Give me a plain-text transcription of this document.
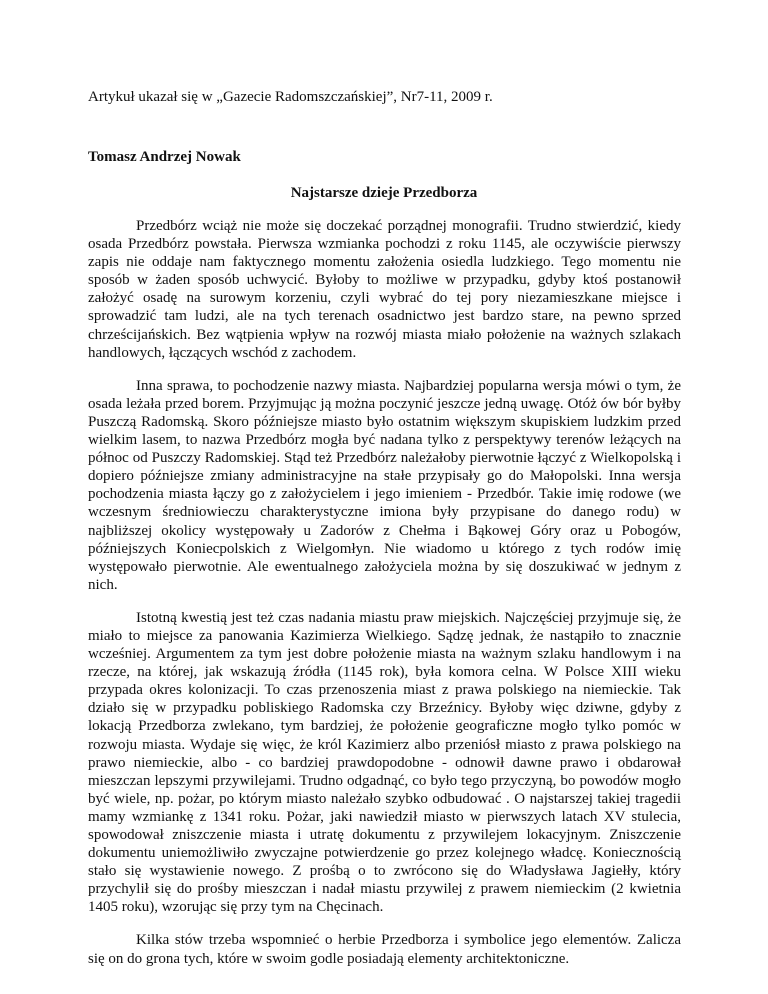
Artykuł ukazał się w „Gazecie Radomszczańskiej”, Nr7-11, 2009 r.
Tomasz Andrzej Nowak
Najstarsze dzieje Przedborza

Przedbórz wciąż nie może się doczekać porządnej monografii. Trudno stwierdzić, kiedy osada Przedbórz powstała. Pierwsza wzmianka pochodzi z roku 1145, ale oczywiście pierwszy zapis nie oddaje nam faktycznego momentu założenia osiedla ludzkiego. Tego momentu nie sposób w żaden sposób uchwycić. Byłoby to możliwe w przypadku, gdyby ktoś postanowił założyć osadę na surowym korzeniu, czyli wybrać do tej pory niezamieszkane miejsce i sprowadzić tam ludzi, ale na tych terenach osadnictwo jest bardzo stare, na pewno sprzed chrześcijańskich. Bez wątpienia wpływ na rozwój miasta miało położenie na ważnych szlakach handlowych, łączących wschód z zachodem.

Inna sprawa, to pochodzenie nazwy miasta. Najbardziej popularna wersja mówi o tym, że osada leżała przed borem. Przyjmując ją można poczynić jeszcze jedną uwagę. Otóż ów bór byłby Puszczą Radomską. Skoro późniejsze miasto było ostatnim większym skupiskiem ludzkim przed wielkim lasem, to nazwa Przedbórz mogła być nadana tylko z perspektywy terenów leżących na północ od Puszczy Radomskiej. Stąd też Przedbórz należałoby pierwotnie łączyć z Wielkopolską i dopiero późniejsze zmiany administracyjne na stałe przypisały go do Małopolski. Inna wersja pochodzenia miasta łączy go z założycielem i jego imieniem - Przedbór. Takie imię rodowe (we wczesnym średniowieczu charakterystyczne imiona były przypisane do danego rodu) w najbliższej okolicy występowały u Zadorów z Chełma i Bąkowej Góry oraz u Pobogów, późniejszych Koniecpolskich z Wielgomłyn. Nie wiadomo u którego z tych rodów imię występowało pierwotnie. Ale ewentualnego założyciela można by się doszukiwać w jednym z nich.

Istotną kwestią jest też czas nadania miastu praw miejskich. Najczęściej przyjmuje się, że miało to miejsce za panowania Kazimierza Wielkiego. Sądzę jednak, że nastąpiło to znacznie wcześniej. Argumentem za tym jest dobre położenie miasta na ważnym szlaku handlowym i na rzecze, na której, jak wskazują źródła (1145 rok), była komora celna. W Polsce XIII wieku przypada okres kolonizacji. To czas przenoszenia miast z prawa polskiego na niemieckie. Tak działo się w przypadku pobliskiego Radomska czy Brzeźnicy. Byłoby więc dziwne, gdyby z lokacją Przedborza zwlekano, tym bardziej, że położenie geograficzne mogło tylko pomóc w rozwoju miasta. Wydaje się więc, że król Kazimierz albo przeniósł miasto z prawa polskiego na prawo niemieckie, albo - co bardziej prawdopodobne - odnowił dawne prawo i obdarował mieszczan lepszymi przywilejami. Trudno odgadnąć, co było tego przyczyną, bo powodów mogło być wiele, np. pożar, po którym miasto należało szybko odbudować . O najstarszej takiej tragedii mamy wzmiankę z 1341 roku. Pożar, jaki nawiedził miasto w pierwszych latach XV stulecia, spowodował zniszczenie miasta i utratę dokumentu z przywilejem lokacyjnym. Zniszczenie dokumentu uniemożliwiło zwyczajne potwierdzenie go przez kolejnego władcę. Koniecznością stało się wystawienie nowego. Z prośbą o to zwrócono się do Władysława Jagiełły, który przychylił się do prośby mieszczan i nadał miastu przywilej z prawem niemieckim (2 kwietnia 1405 roku), wzorując się przy tym na Chęcinach.

Kilka stów trzeba wspomnieć o herbie Przedborza i symbolice jego elementów. Zalicza się on do grona tych, które w swoim godle posiadają elementy architektoniczne.
